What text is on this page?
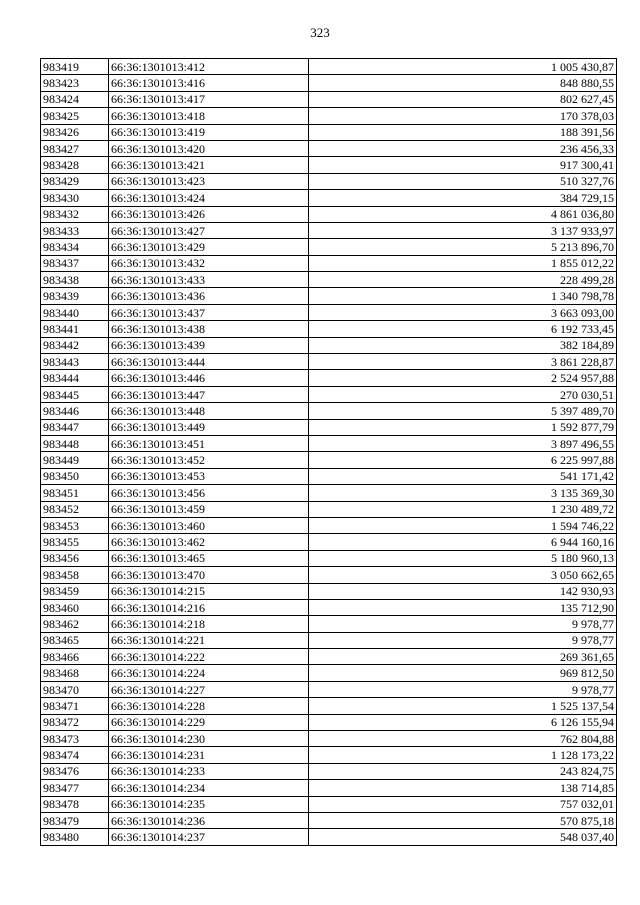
323
983419	66:36:1301013:412	1 005 430,87
983423	66:36:1301013:416	848 880,55
983424	66:36:1301013:417	802 627,45
983425	66:36:1301013:418	170 378,03
983426	66:36:1301013:419	188 391,56
983427	66:36:1301013:420	236 456,33
983428	66:36:1301013:421	917 300,41
983429	66:36:1301013:423	510 327,76
983430	66:36:1301013:424	384 729,15
983432	66:36:1301013:426	4 861 036,80
983433	66:36:1301013:427	3 137 933,97
983434	66:36:1301013:429	5 213 896,70
983437	66:36:1301013:432	1 855 012,22
983438	66:36:1301013:433	228 499,28
983439	66:36:1301013:436	1 340 798,78
983440	66:36:1301013:437	3 663 093,00
983441	66:36:1301013:438	6 192 733,45
983442	66:36:1301013:439	382 184,89
983443	66:36:1301013:444	3 861 228,87
983444	66:36:1301013:446	2 524 957,88
983445	66:36:1301013:447	270 030,51
983446	66:36:1301013:448	5 397 489,70
983447	66:36:1301013:449	1 592 877,79
983448	66:36:1301013:451	3 897 496,55
983449	66:36:1301013:452	6 225 997,88
983450	66:36:1301013:453	541 171,42
983451	66:36:1301013:456	3 135 369,30
983452	66:36:1301013:459	1 230 489,72
983453	66:36:1301013:460	1 594 746,22
983455	66:36:1301013:462	6 944 160,16
983456	66:36:1301013:465	5 180 960,13
983458	66:36:1301013:470	3 050 662,65
983459	66:36:1301014:215	142 930,93
983460	66:36:1301014:216	135 712,90
983462	66:36:1301014:218	9 978,77
983465	66:36:1301014:221	9 978,77
983466	66:36:1301014:222	269 361,65
983468	66:36:1301014:224	969 812,50
983470	66:36:1301014:227	9 978,77
983471	66:36:1301014:228	1 525 137,54
983472	66:36:1301014:229	6 126 155,94
983473	66:36:1301014:230	762 804,88
983474	66:36:1301014:231	1 128 173,22
983476	66:36:1301014:233	243 824,75
983477	66:36:1301014:234	138 714,85
983478	66:36:1301014:235	757 032,01
983479	66:36:1301014:236	570 875,18
983480	66:36:1301014:237	548 037,40
